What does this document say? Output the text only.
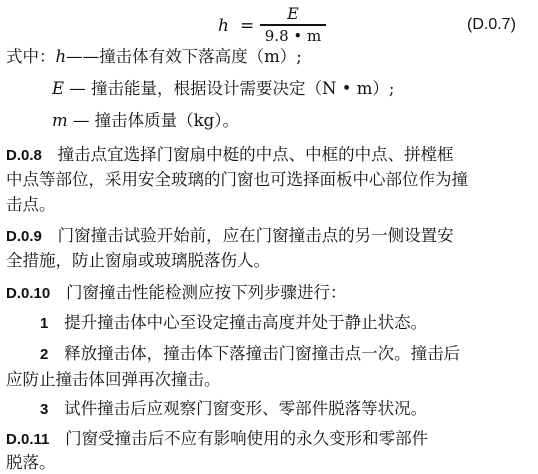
h =
E
9.8 • m
(D.0.7)
式中：h——撞击体有效下落高度（m）;
E — 撞击能量，根据设计需要决定（N • m）;
m — 撞击体质量（kg）。
D.0.8 撞击点宜选择门窗扇中梃的中点、中框的中点、拼樘框
中点等部位，采用安全玻璃的门窗也可选择面板中心部位作为撞
击点。
D.0.9 门窗撞击试验开始前，应在门窗撞击点的另一侧设置安
全措施，防止窗扇或玻璃脱落伤人。
D.0.10 门窗撞击性能检测应按下列步骤进行：
1 提升撞击体中心至设定撞击高度并处于静止状态。
2 释放撞击体，撞击体下落撞击门窗撞击点一次。撞击后
应防止撞击体回弹再次撞击。
3 试件撞击后应观察门窗变形、零部件脱落等状况。
D.0.11 门窗受撞击后不应有影响使用的永久变形和零部件
脱落。
